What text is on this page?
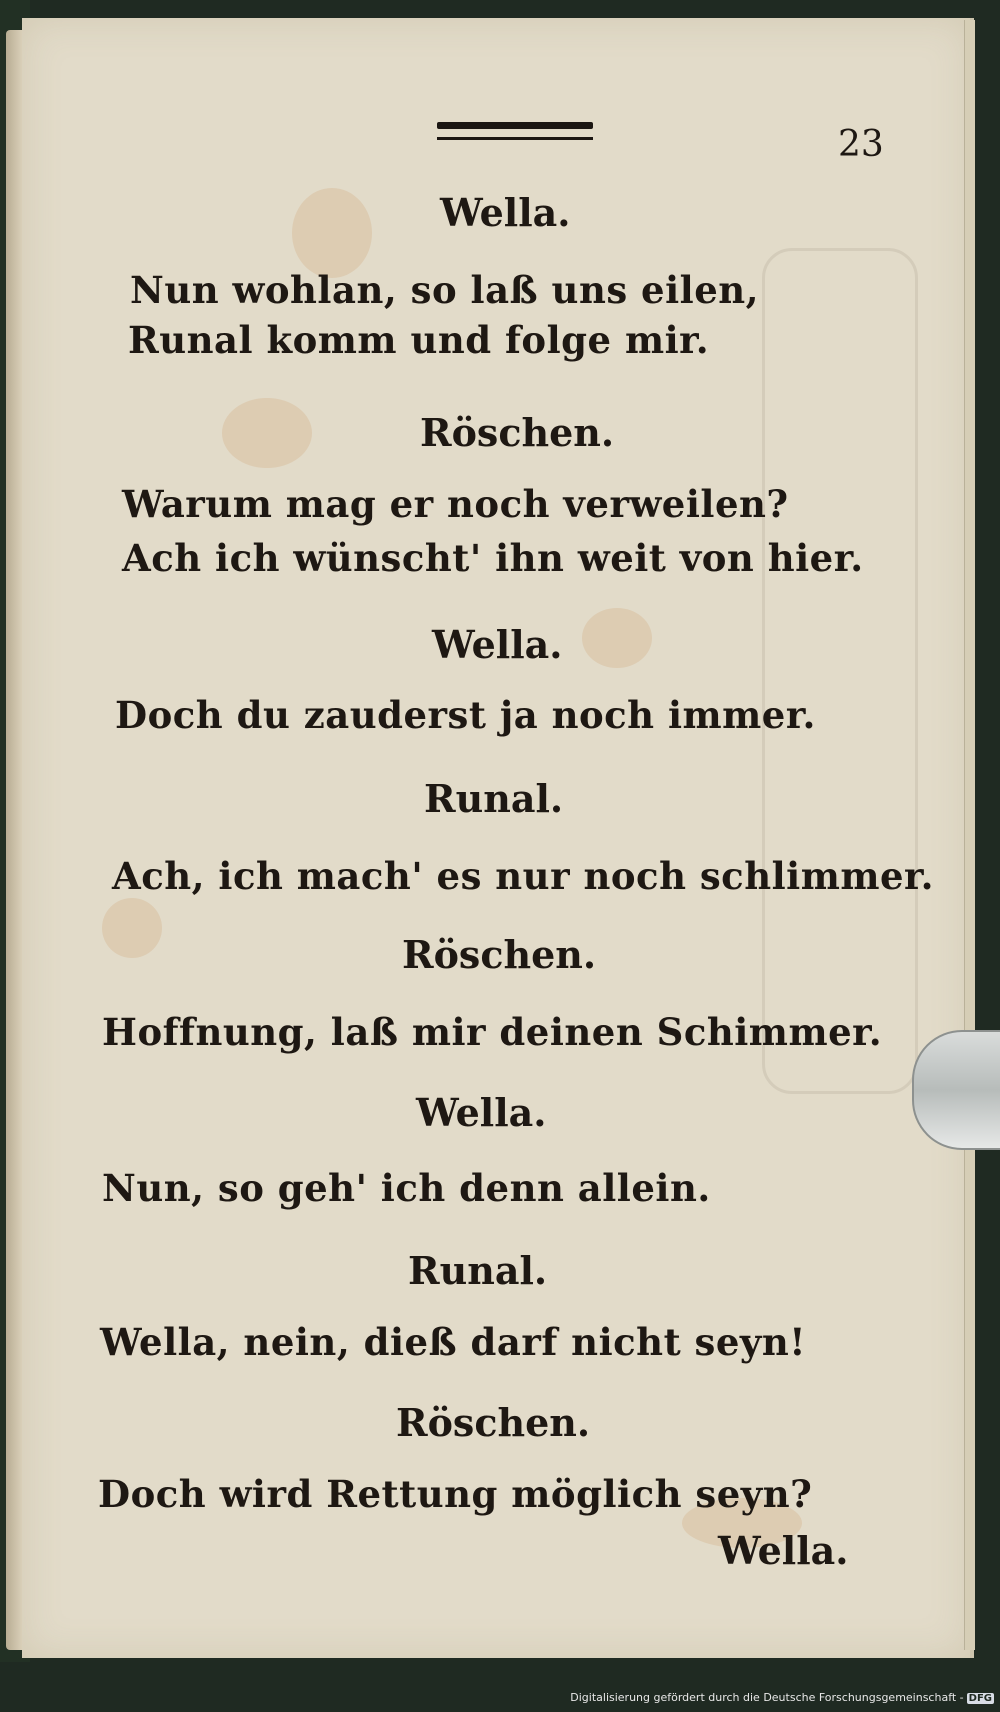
23
Wella.
Nun wohlan, so laß uns eilen,
Runal komm und folge mir.
Röschen.
Warum mag er noch verweilen?
Ach ich wünscht' ihn weit von hier.
Wella.
Doch du zauderst ja noch immer.
Runal.
Ach, ich mach' es nur noch schlimmer.
Röschen.
Hoffnung, laß mir deinen Schimmer.
Wella.
Nun, so geh' ich denn allein.
Runal.
Wella, nein, dieß darf nicht seyn!
Röschen.
Doch wird Rettung möglich seyn?
Wella.
Digitalisierung gefördert durch die Deutsche Forschungsgemeinschaft - DFG
